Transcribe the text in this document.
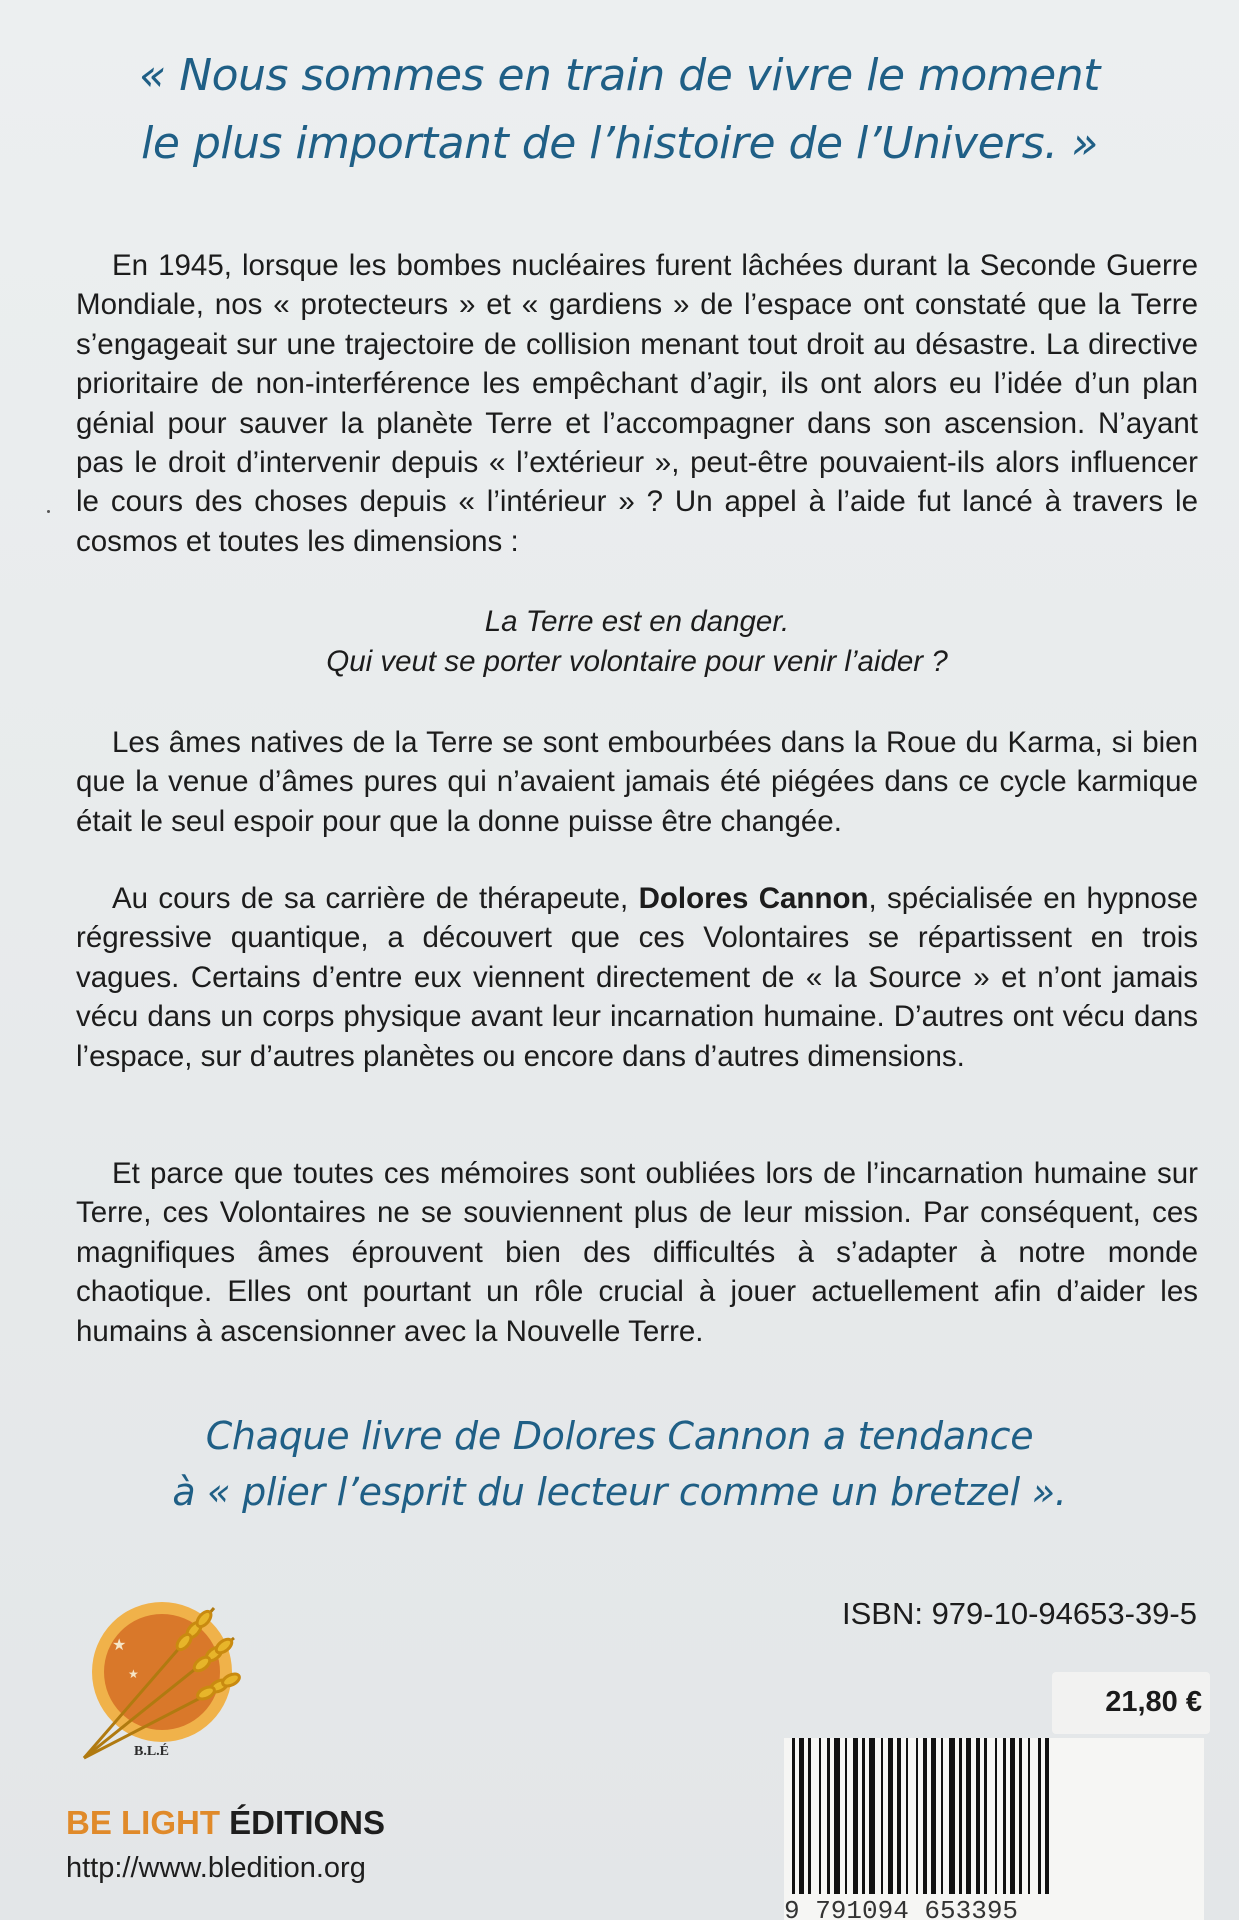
« Nous sommes en train de vivre le moment
le plus important de l’histoire de l’Univers. »

En 1945, lorsque les bombes nucléaires furent lâchées durant la Seconde Guerre Mondiale, nos « protecteurs » et « gardiens » de l’espace ont constaté que la Terre s’engageait sur une trajectoire de collision menant tout droit au désastre. La directive prioritaire de non-interférence les empêchant d’agir, ils ont alors eu l’idée d’un plan génial pour sauver la planète Terre et l’accompagner dans son ascension. N’ayant pas le droit d’intervenir depuis « l’extérieur », peut-être pouvaient-ils alors influencer le cours des choses depuis « l’intérieur » ? Un appel à l’aide fut lancé à travers le cosmos et toutes les dimensions :

La Terre est en danger.
Qui veut se porter volontaire pour venir l’aider ?

Les âmes natives de la Terre se sont embourbées dans la Roue du Karma, si bien que la venue d’âmes pures qui n’avaient jamais été piégées dans ce cycle karmique était le seul espoir pour que la donne puisse être changée.

Au cours de sa carrière de thérapeute, Dolores Cannon, spécialisée en hypnose régressive quantique, a découvert que ces Volontaires se répartissent en trois vagues. Certains d’entre eux viennent directement de « la Source » et n’ont jamais vécu dans un corps physique avant leur incarnation humaine. D’autres ont vécu dans l’espace, sur d’autres planètes ou encore dans d’autres dimensions.

Et parce que toutes ces mémoires sont oubliées lors de l’incarnation humaine sur Terre, ces Volontaires ne se souviennent plus de leur mission. Par conséquent, ces magnifiques âmes éprouvent bien des difficultés à s’adapter à notre monde chaotique. Elles ont pourtant un rôle crucial à jouer actuellement afin d’aider les humains à ascensionner avec la Nouvelle Terre.

Chaque livre de Dolores Cannon a tendance
à « plier l’esprit du lecteur comme un bretzel ».
★
★
B.L.É
BE LIGHT ÉDITIONS
http://www.bledition.org
ISBN: 979-10-94653-39-5
9 791094 653395
21,80 €
